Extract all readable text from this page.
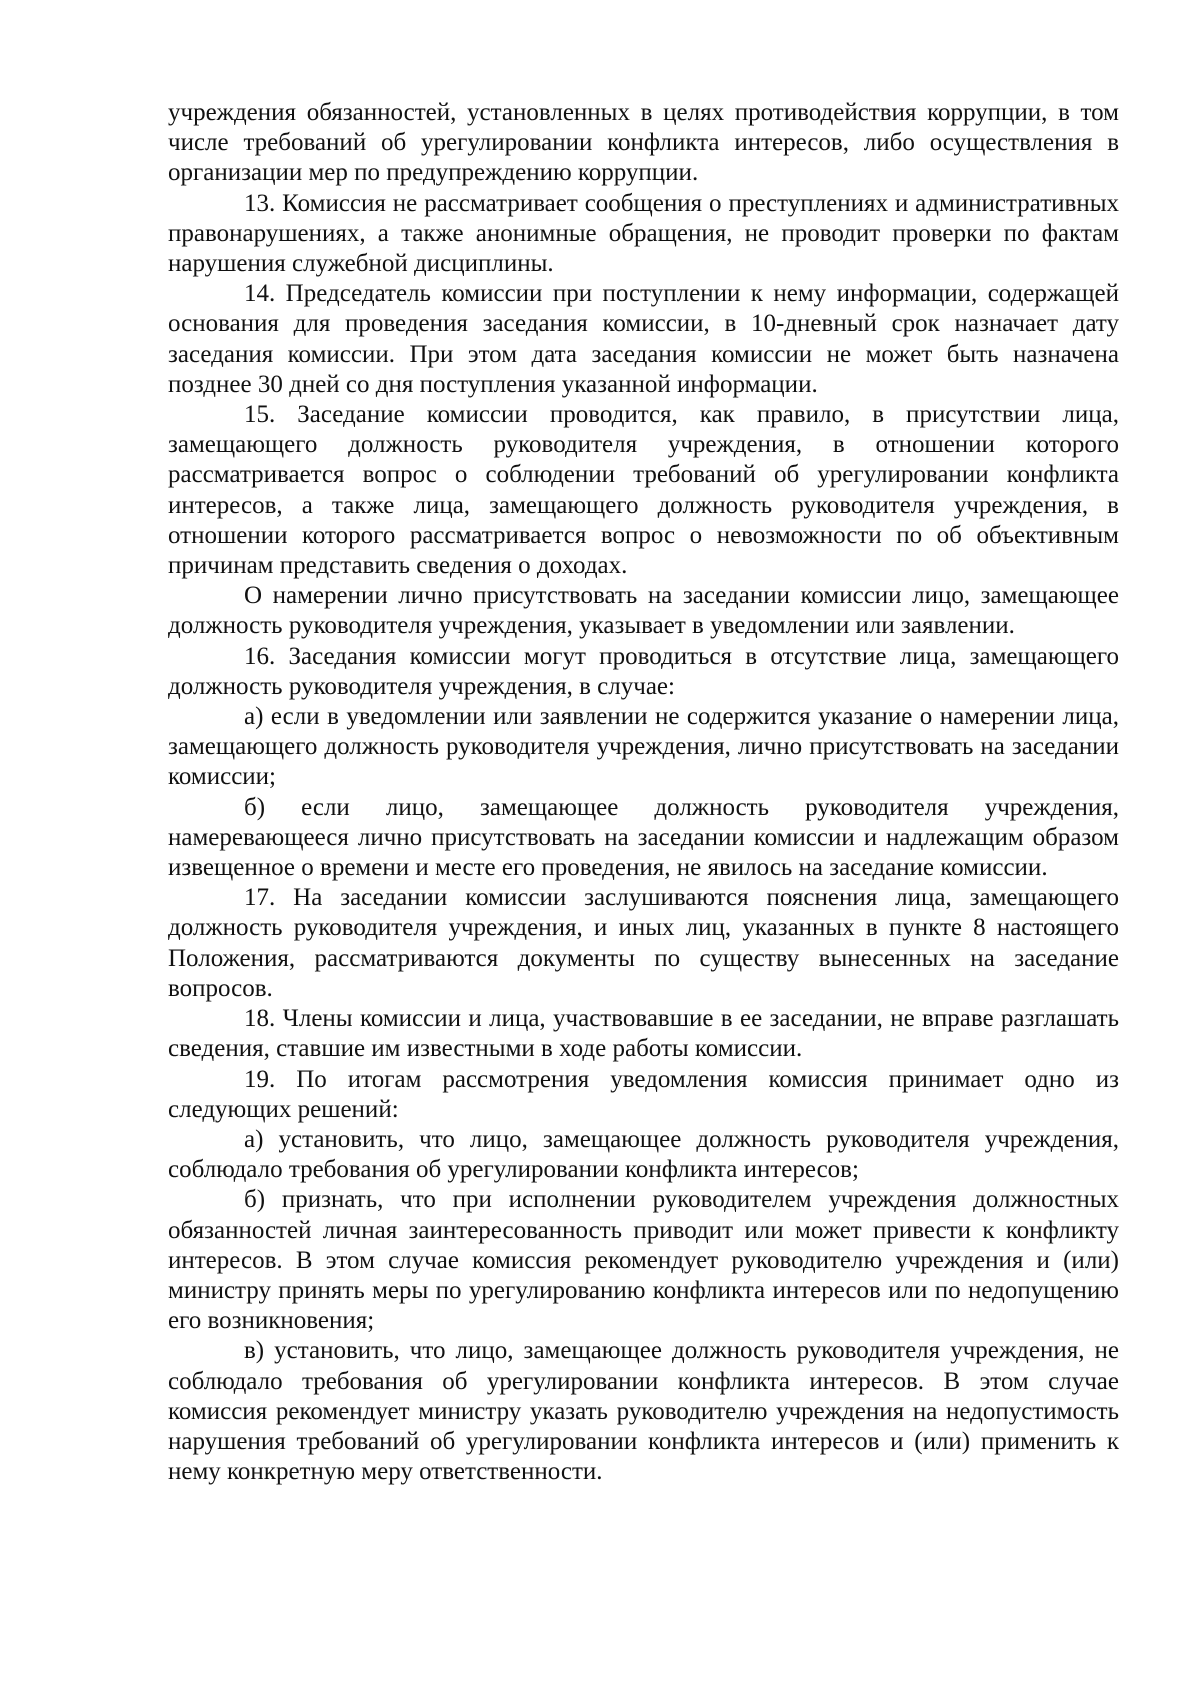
учреждения обязанностей, установленных в целях противодействия коррупции, в том числе требований об урегулировании конфликта интересов, либо осуществления в организации мер по предупреждению коррупции.

13. Комиссия не рассматривает сообщения о преступлениях и административных правонарушениях, а также анонимные обращения, не проводит проверки по фактам нарушения служебной дисциплины.

14. Председатель комиссии при поступлении к нему информации, содержащей основания для проведения заседания комиссии, в 10-дневный срок назначает дату заседания комиссии. При этом дата заседания комиссии не может быть назначена позднее 30 дней со дня поступления указанной информации.

15. Заседание комиссии проводится, как правило, в присутствии лица, замещающего должность руководителя учреждения, в отношении которого рассматривается вопрос о соблюдении требований об урегулировании конфликта интересов, а также лица, замещающего должность руководителя учреждения, в отношении которого рассматривается вопрос о невозможности по об объективным причинам представить сведения о доходах.

О намерении лично присутствовать на заседании комиссии лицо, замещающее должность руководителя учреждения, указывает в уведомлении или заявлении.

16. Заседания комиссии могут проводиться в отсутствие лица, замещающего должность руководителя учреждения, в случае:

а) если в уведомлении или заявлении не содержится указание о намерении лица, замещающего должность руководителя учреждения, лично присутствовать на заседании комиссии;

б) если лицо, замещающее должность руководителя учреждения, намеревающееся лично присутствовать на заседании комиссии и надлежащим образом извещенное о времени и месте его проведения, не явилось на заседание комиссии.

17. На заседании комиссии заслушиваются пояснения лица, замещающего должность руководителя учреждения, и иных лиц, указанных в пункте 8 настоящего Положения, рассматриваются документы по существу вынесенных на заседание вопросов.

18. Члены комиссии и лица, участвовавшие в ее заседании, не вправе разглашать сведения, ставшие им известными в ходе работы комиссии.

19. По итогам рассмотрения уведомления комиссия принимает одно из следующих решений:

а) установить, что лицо, замещающее должность руководителя учреждения, соблюдало требования об урегулировании конфликта интересов;

б) признать, что при исполнении руководителем учреждения должностных обязанностей личная заинтересованность приводит или может привести к конфликту интересов. В этом случае комиссия рекомендует руководителю учреждения и (или) министру принять меры по урегулированию конфликта интересов или по недопущению его возникновения;

в) установить, что лицо, замещающее должность руководителя учреждения, не соблюдало требования об урегулировании конфликта интересов. В этом случае комиссия рекомендует министру указать руководителю учреждения на недопустимость нарушения требований об урегулировании конфликта интересов и (или) применить к нему конкретную меру ответственности.
